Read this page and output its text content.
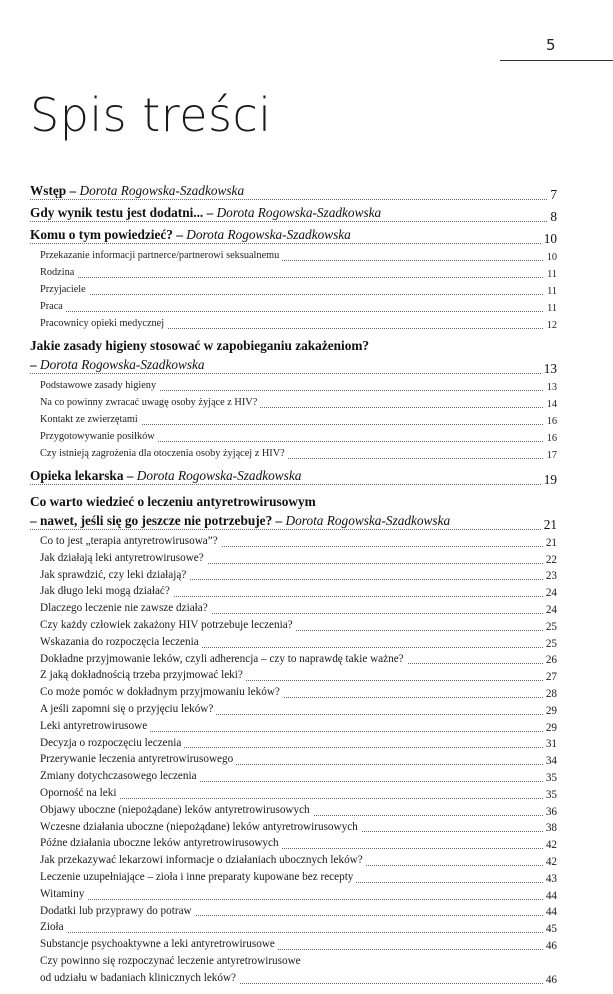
5
Spis treści
Wstęp – Dorota Rogowska-Szadkowska	7
Gdy wynik testu jest dodatni... – Dorota Rogowska-Szadkowska	8
Komu o tym powiedzieć? – Dorota Rogowska-Szadkowska	10
Przekazanie informacji partnerce/partnerowi seksualnemu	10
Rodzina	11
Przyjaciele	11
Praca	11
Pracownicy opieki medycznej	12
Jakie zasady higieny stosować w zapobieganiu zakażeniom?
– Dorota Rogowska-Szadkowska	13
Podstawowe zasady higieny	13
Na co powinny zwracać uwagę osoby żyjące z HIV?	14
Kontakt ze zwierzętami	16
Przygotowywanie posiłków	16
Czy istnieją zagrożenia dla otoczenia osoby żyjącej z HIV?	17
Opieka lekarska – Dorota Rogowska-Szadkowska	19
Co warto wiedzieć o leczeniu antyretrowirusowym
– nawet, jeśli się go jeszcze nie potrzebuje? – Dorota Rogowska-Szadkowska	21
Co to jest „terapia antyretrowirusowa”?	21
Jak działają leki antyretrowirusowe?	22
Jak sprawdzić, czy leki działają?	23
Jak długo leki mogą działać?	24
Dlaczego leczenie nie zawsze działa?	24
Czy każdy człowiek zakażony HIV potrzebuje leczenia?	25
Wskazania do rozpoczęcia leczenia	25
Dokładne przyjmowanie leków, czyli adherencja – czy to naprawdę takie ważne?	26
Z jaką dokładnością trzeba przyjmować leki?	27
Co może pomóc w dokładnym przyjmowaniu leków?	28
A jeśli zapomni się o przyjęciu leków?	29
Leki antyretrowirusowe	29
Decyzja o rozpoczęciu leczenia	31
Przerywanie leczenia antyretrowirusowego	34
Zmiany dotychczasowego leczenia	35
Oporność na leki	35
Objawy uboczne (niepożądane) leków antyretrowirusowych	36
Wczesne działania uboczne (niepożądane) leków antyretrowirusowych	38
Późne działania uboczne leków antyretrowirusowych	42
Jak przekazywać lekarzowi informacje o działaniach ubocznych leków?	42
Leczenie uzupełniające – zioła i inne preparaty kupowane bez recepty	43
Witaminy	44
Dodatki lub przyprawy do potraw	44
Zioła	45
Substancje psychoaktywne a leki antyretrowirusowe	46
Czy powinno się rozpoczynać leczenie antyretrowirusowe
od udziału w badaniach klinicznych leków?	46
